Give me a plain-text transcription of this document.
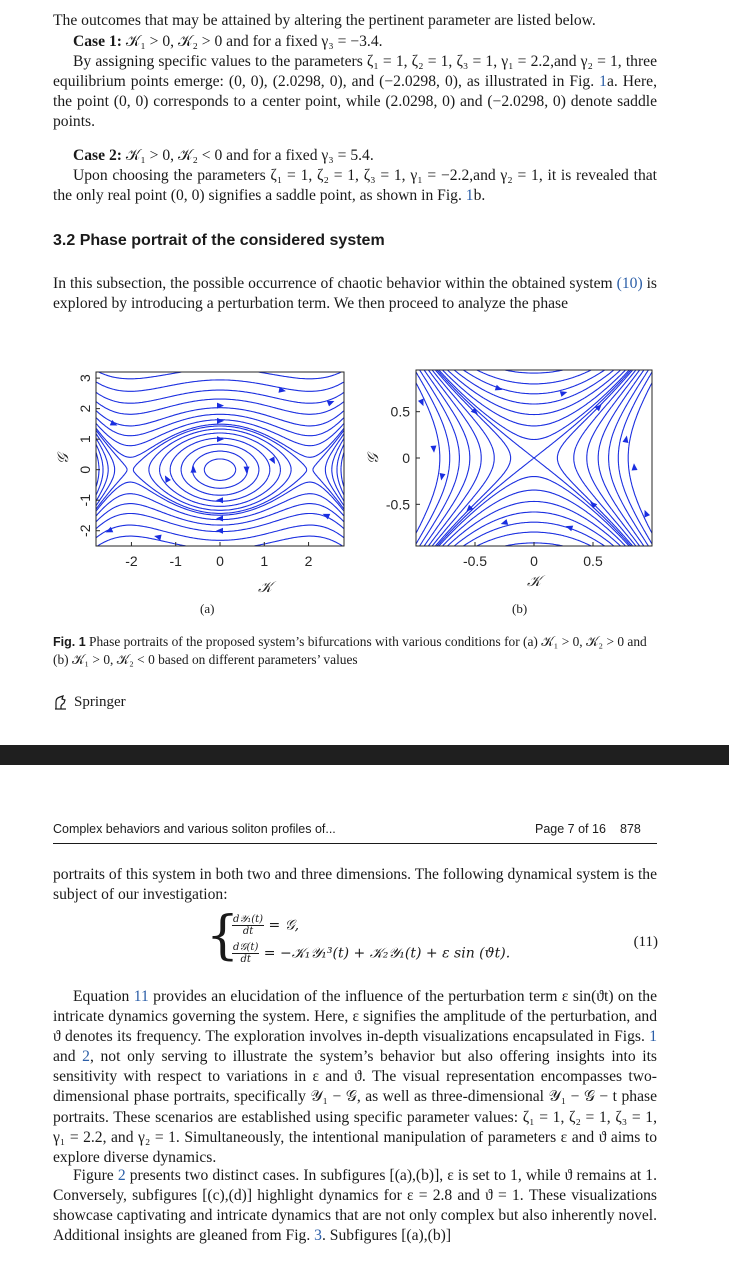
The outcomes that may be attained by altering the pertinent parameter are listed below.
Case 1: 𝒦₁ > 0, 𝒦₂ > 0 and for a fixed γ₃ = −3.4.
By assigning specific values to the parameters ζ₁ = 1, ζ₂ = 1, ζ₃ = 1, γ₁ = 2.2,and γ₂ = 1, three equilibrium points emerge: (0, 0), (2.0298, 0), and (−2.0298, 0), as illustrated in Fig. 1a. Here, the point (0, 0) corresponds to a center point, while (2.0298, 0) and (−2.0298, 0) denote saddle points.
Case 2: 𝒦₁ > 0, 𝒦₂ < 0 and for a fixed γ₃ = 5.4.
Upon choosing the parameters ζ₁ = 1, ζ₂ = 1, ζ₃ = 1, γ₁ = −2.2,and γ₂ = 1, it is revealed that the only real point (0, 0) signifies a saddle point, as shown in Fig. 1b.
3.2 Phase portrait of the considered system
In this subsection, the possible occurrence of chaotic behavior within the obtained system (10) is explored by introducing a perturbation term. We then proceed to analyze the phase
-2 -1 0	1	2
-2
-1
0
1
2
3
𝒦
𝒢
-0.5	0	0.5
-0.5
0
0.5
𝒦
𝒢
(a)	(b)
Fig. 1 Phase portraits of the proposed system’s bifurcations with various conditions for (a) 𝒦₁ > 0, 𝒦₂ > 0 and (b) 𝒦₁ > 0, 𝒦₂ < 0 based on different parameters’ values
Springer
Complex behaviors and various soliton profiles of...	Page 7 of 16 878
portraits of this system in both two and three dimensions. The following dynamical system is the subject of our investigation:
{
$\frac{\text{d𝒴₁(t)}}{dt}$ = 𝒢,
$\frac{\text{d𝒢(t)}}{dt}$ = −𝒦₁𝒴₁³(t) + 𝒦₂𝒴₁(t) + ε sin (ϑt).
(11)
Equation 11 provides an elucidation of the influence of the perturbation term ε sin(ϑt) on the intricate dynamics governing the system. Here, ε signifies the amplitude of the perturbation, and ϑ denotes its frequency. The exploration involves in-depth visualizations encapsulated in Figs. 1 and 2, not only serving to illustrate the system’s behavior but also offering insights into its sensitivity with respect to variations in ε and ϑ. The visual representation encompasses two-dimensional phase portraits, specifically 𝒴₁ − 𝒢, as well as three-dimensional 𝒴₁ − 𝒢 − t phase portraits. These scenarios are established using specific parameter values: ζ₁ = 1, ζ₂ = 1, ζ₃ = 1, γ₁ = 2.2, and γ₂ = 1. Simultaneously, the intentional manipulation of parameters ε and ϑ aims to explore diverse dynamics.
Figure 2 presents two distinct cases. In subfigures [(a),(b)], ε is set to 1, while ϑ remains at 1. Conversely, subfigures [(c),(d)] highlight dynamics for ε = 2.8 and ϑ = 1. These visualizations showcase captivating and intricate dynamics that are not only complex but also inherently novel. Additional insights are gleaned from Fig. 3. Subfigures [(a),(b)]
